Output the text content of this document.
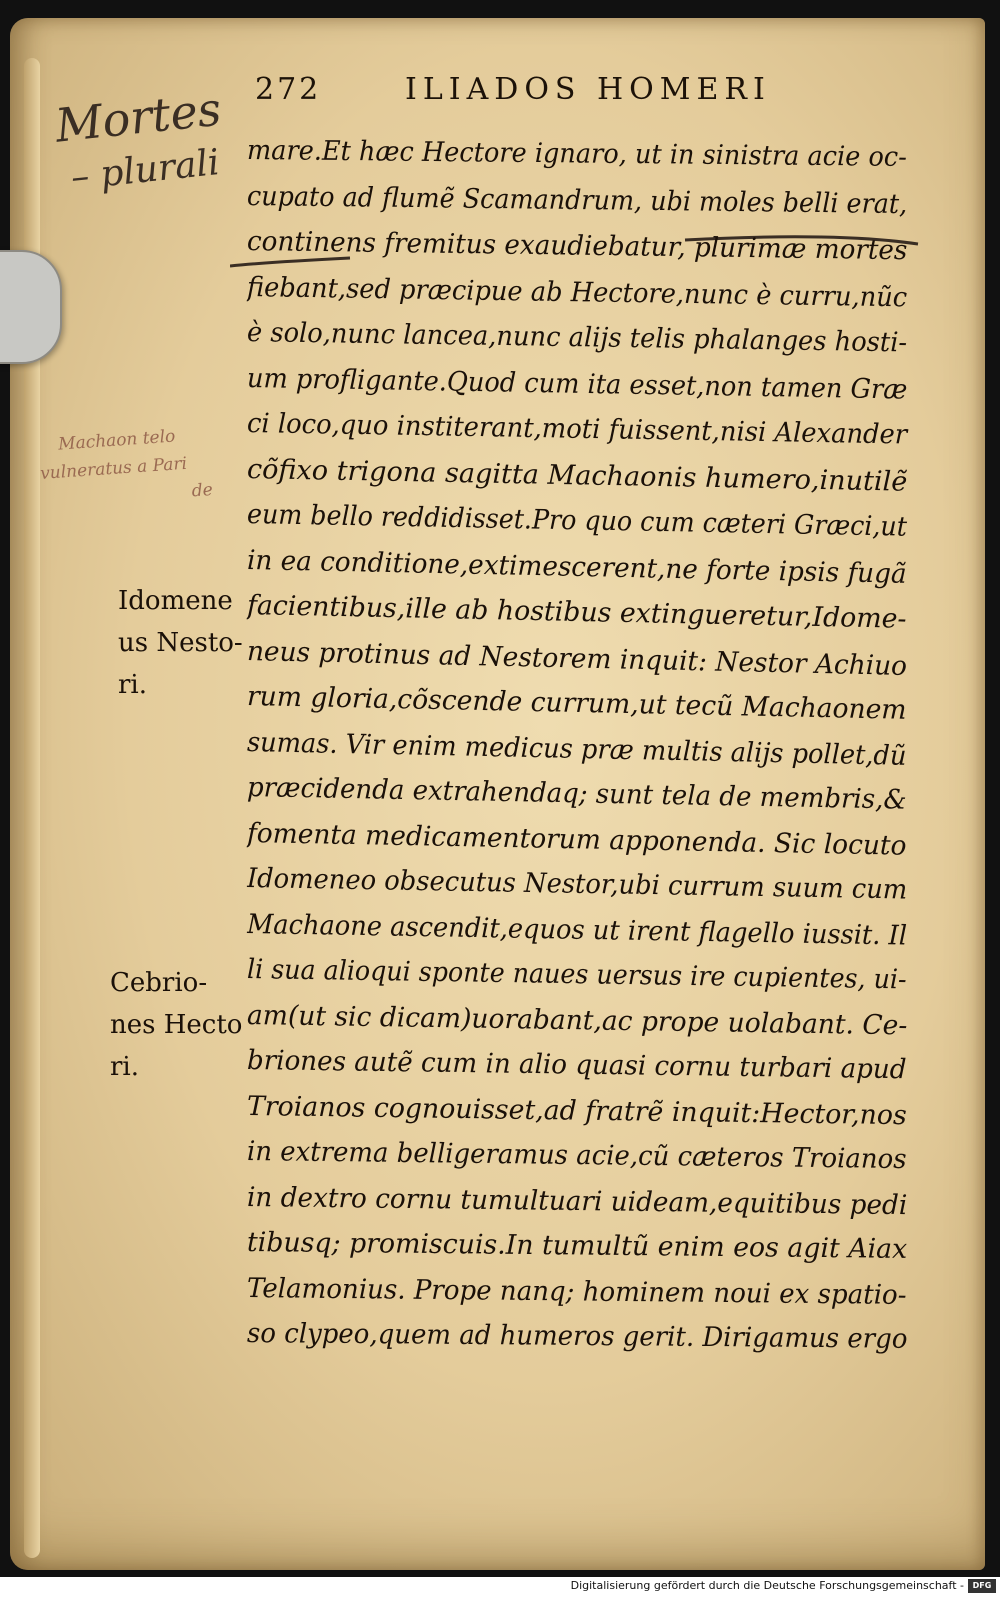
272	ILIADOS HOMERI
Mortes
– plurali
Machaon telo
vulneratus a Pari
de
mare.Et hæc Hectore ignaro, ut in sinistra acie oc-
cupato ad flumẽ Scamandrum, ubi moles belli erat,
continens fremitus exaudiebatur, plurimæ mortes
fiebant,sed præcipue ab Hectore,nunc è curru,nũc
è solo,nunc lancea,nunc alijs telis phalanges hosti-
um profligante.Quod cum ita esset,non tamen Græ
ci loco,quo institerant,moti fuissent,nisi Alexander
cõfixo trigona sagitta Machaonis humero,inutilẽ
eum bello reddidisset.Pro quo cum cæteri Græci,ut
in ea conditione,extimescerent,ne forte ipsis fugã
facientibus,ille ab hostibus extingueretur,Idome-
neus protinus ad Nestorem inquit: Nestor Achiuo
rum gloria,cõscende currum,ut tecũ Machaonem
sumas. Vir enim medicus præ multis alijs pollet,dũ
præcidenda extrahendaq; sunt tela de membris,&
fomenta medicamentorum apponenda. Sic locuto
Idomeneo obsecutus Nestor,ubi currum suum cum
Machaone ascendit,equos ut irent flagello iussit. Il
li sua alioqui sponte naues uersus ire cupientes, ui-
am(ut sic dicam)uorabant,ac prope uolabant. Ce-
briones autẽ cum in alio quasi cornu turbari apud
Troianos cognouisset,ad fratrẽ inquit:Hector,nos
in extrema belligeramus acie,cũ cæteros Troianos
in dextro cornu tumultuari uideam,equitibus pedi
tibusq; promiscuis.In tumultũ enim eos agit Aiax
Telamonius. Prope nanq; hominem noui ex spatio-
so clypeo,quem ad humeros gerit. Dirigamus ergo
Idomene
us Nesto-
ri.
Cebrio-
nes Hecto
ri.
Digitalisierung gefördert durch die Deutsche Forschungsgemeinschaft -	DFG
